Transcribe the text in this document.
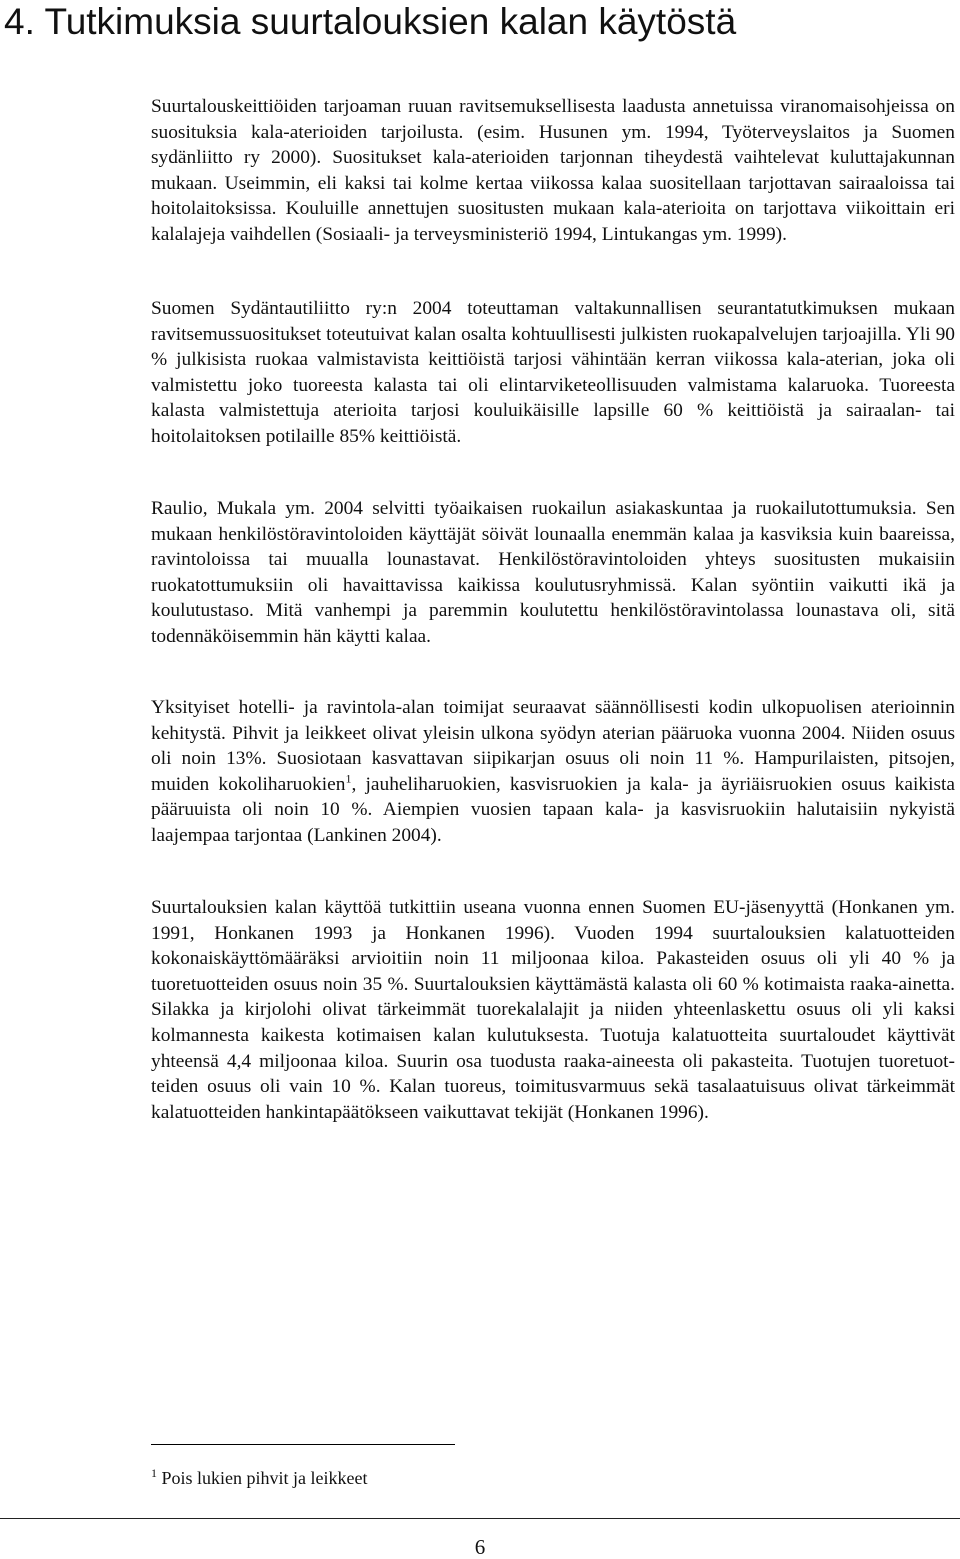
4. Tutkimuksia suurtalouksien kalan käytöstä

Suurtalouskeittiöiden tarjoaman ruuan ravitsemuksellisesta laadusta annetuissa viranomaisohjeissa on suosituksia kala-aterioiden tarjoilusta. (esim. Husunen ym. 1994, Työterveyslaitos ja Suomen sydänliitto ry 2000). Suositukset kala-aterioiden tarjonnan tiheydestä vaihtelevat kuluttajakunnan mukaan. Useimmin, eli kaksi tai kolme kertaa viikossa kalaa suositellaan tarjottavan sairaaloissa tai hoitolaitoksissa. Kouluille annettujen suositusten mukaan kala-aterioita on tarjottava viikoittain eri kalalajeja vaihdellen (Sosiaali- ja terveysministeriö 1994, Lintukangas ym. 1999).

Suomen Sydäntautiliitto ry:n 2004 toteuttaman valtakunnallisen seurantatutkimuksen mukaan ravitsemussuositukset toteutuivat kalan osalta kohtuullisesti julkisten ruokapalvelujen tarjoajilla. Yli 90 % julkisista ruokaa valmistavista keittiöistä tarjosi vähintään kerran viikossa kala-aterian, joka oli valmistettu joko tuoreesta kalasta tai oli elintarviketeollisuuden valmistama kalaruoka. Tuoreesta kalasta valmistettuja aterioita tarjosi kouluikäisille lapsille 60 % keittiöistä ja sairaalan- tai hoitolaitoksen potilaille 85% keittiöistä.

Raulio, Mukala ym. 2004 selvitti työaikaisen ruokailun asiakaskuntaa ja ruokailutottumuksia. Sen mukaan henkilöstöravintoloiden käyttäjät söivät lounaalla enemmän kalaa ja kasviksia kuin baareissa, ravintoloissa tai muualla lounastavat. Henkilöstöravintoloiden yhteys suositusten mukaisiin ruokatottumuksiin oli havaittavissa kaikissa koulutusryhmissä. Kalan syöntiin vaikutti ikä ja koulutustaso. Mitä vanhempi ja paremmin koulutettu henkilöstöravintolassa lounastava oli, sitä todennäköisemmin hän käytti kalaa.

Yksityiset hotelli- ja ravintola-alan toimijat seuraavat säännöllisesti kodin ulkopuolisen aterioinnin kehitystä. Pihvit ja leikkeet olivat yleisin ulkona syödyn aterian pääruoka vuonna 2004. Niiden osuus oli noin 13%. Suosiotaan kasvattavan siipikarjan osuus oli noin 11 %. Hampurilaisten, pitsojen, muiden kokoliharuokien$^1$, jauheliharuokien, kasvisruokien ja kala- ja äyriäisruokien osuus kaikista pääruuista oli noin 10 %. Aiempien vuosien tapaan kala- ja kasvisruokiin halutaisiin nykyistä laajempaa tarjontaa (Lankinen 2004).

Suurtalouksien kalan käyttöä tutkittiin useana vuonna ennen Suomen EU-jäsenyyttä (Honkanen ym. 1991, Honkanen 1993 ja Honkanen 1996). Vuoden 1994 suurtalouksien kalatuotteiden kokonaiskäyttömääräksi arvioitiin noin 11 miljoonaa kiloa. Pakasteiden osuus oli yli 40 % ja tuoretuotteiden osuus noin 35 %. Suurtalouksien käyttämästä kalasta oli 60 % kotimaista raaka-ainetta. Silakka ja kirjolohi olivat tärkeimmät tuorekalalajit ja niiden yhteenlaskettu osuus oli yli kaksi kolmannesta kaikesta kotimaisen kalan kulutuksesta. Tuotuja kalatuotteita suurtaloudet käyttivät yhteensä 4,4 miljoonaa kiloa. Suurin osa tuodusta raaka-aineesta oli pakasteita. Tuotujen tuoretuotteiden osuus oli vain 10 %. Kalan tuoreus, toimitusvarmuus sekä tasalaatuisuus olivat tärkeimmät kalatuotteiden hankintapäätökseen vaikuttavat tekijät (Honkanen 1996).

$^1$ Pois lukien pihvit ja leikkeet
6
